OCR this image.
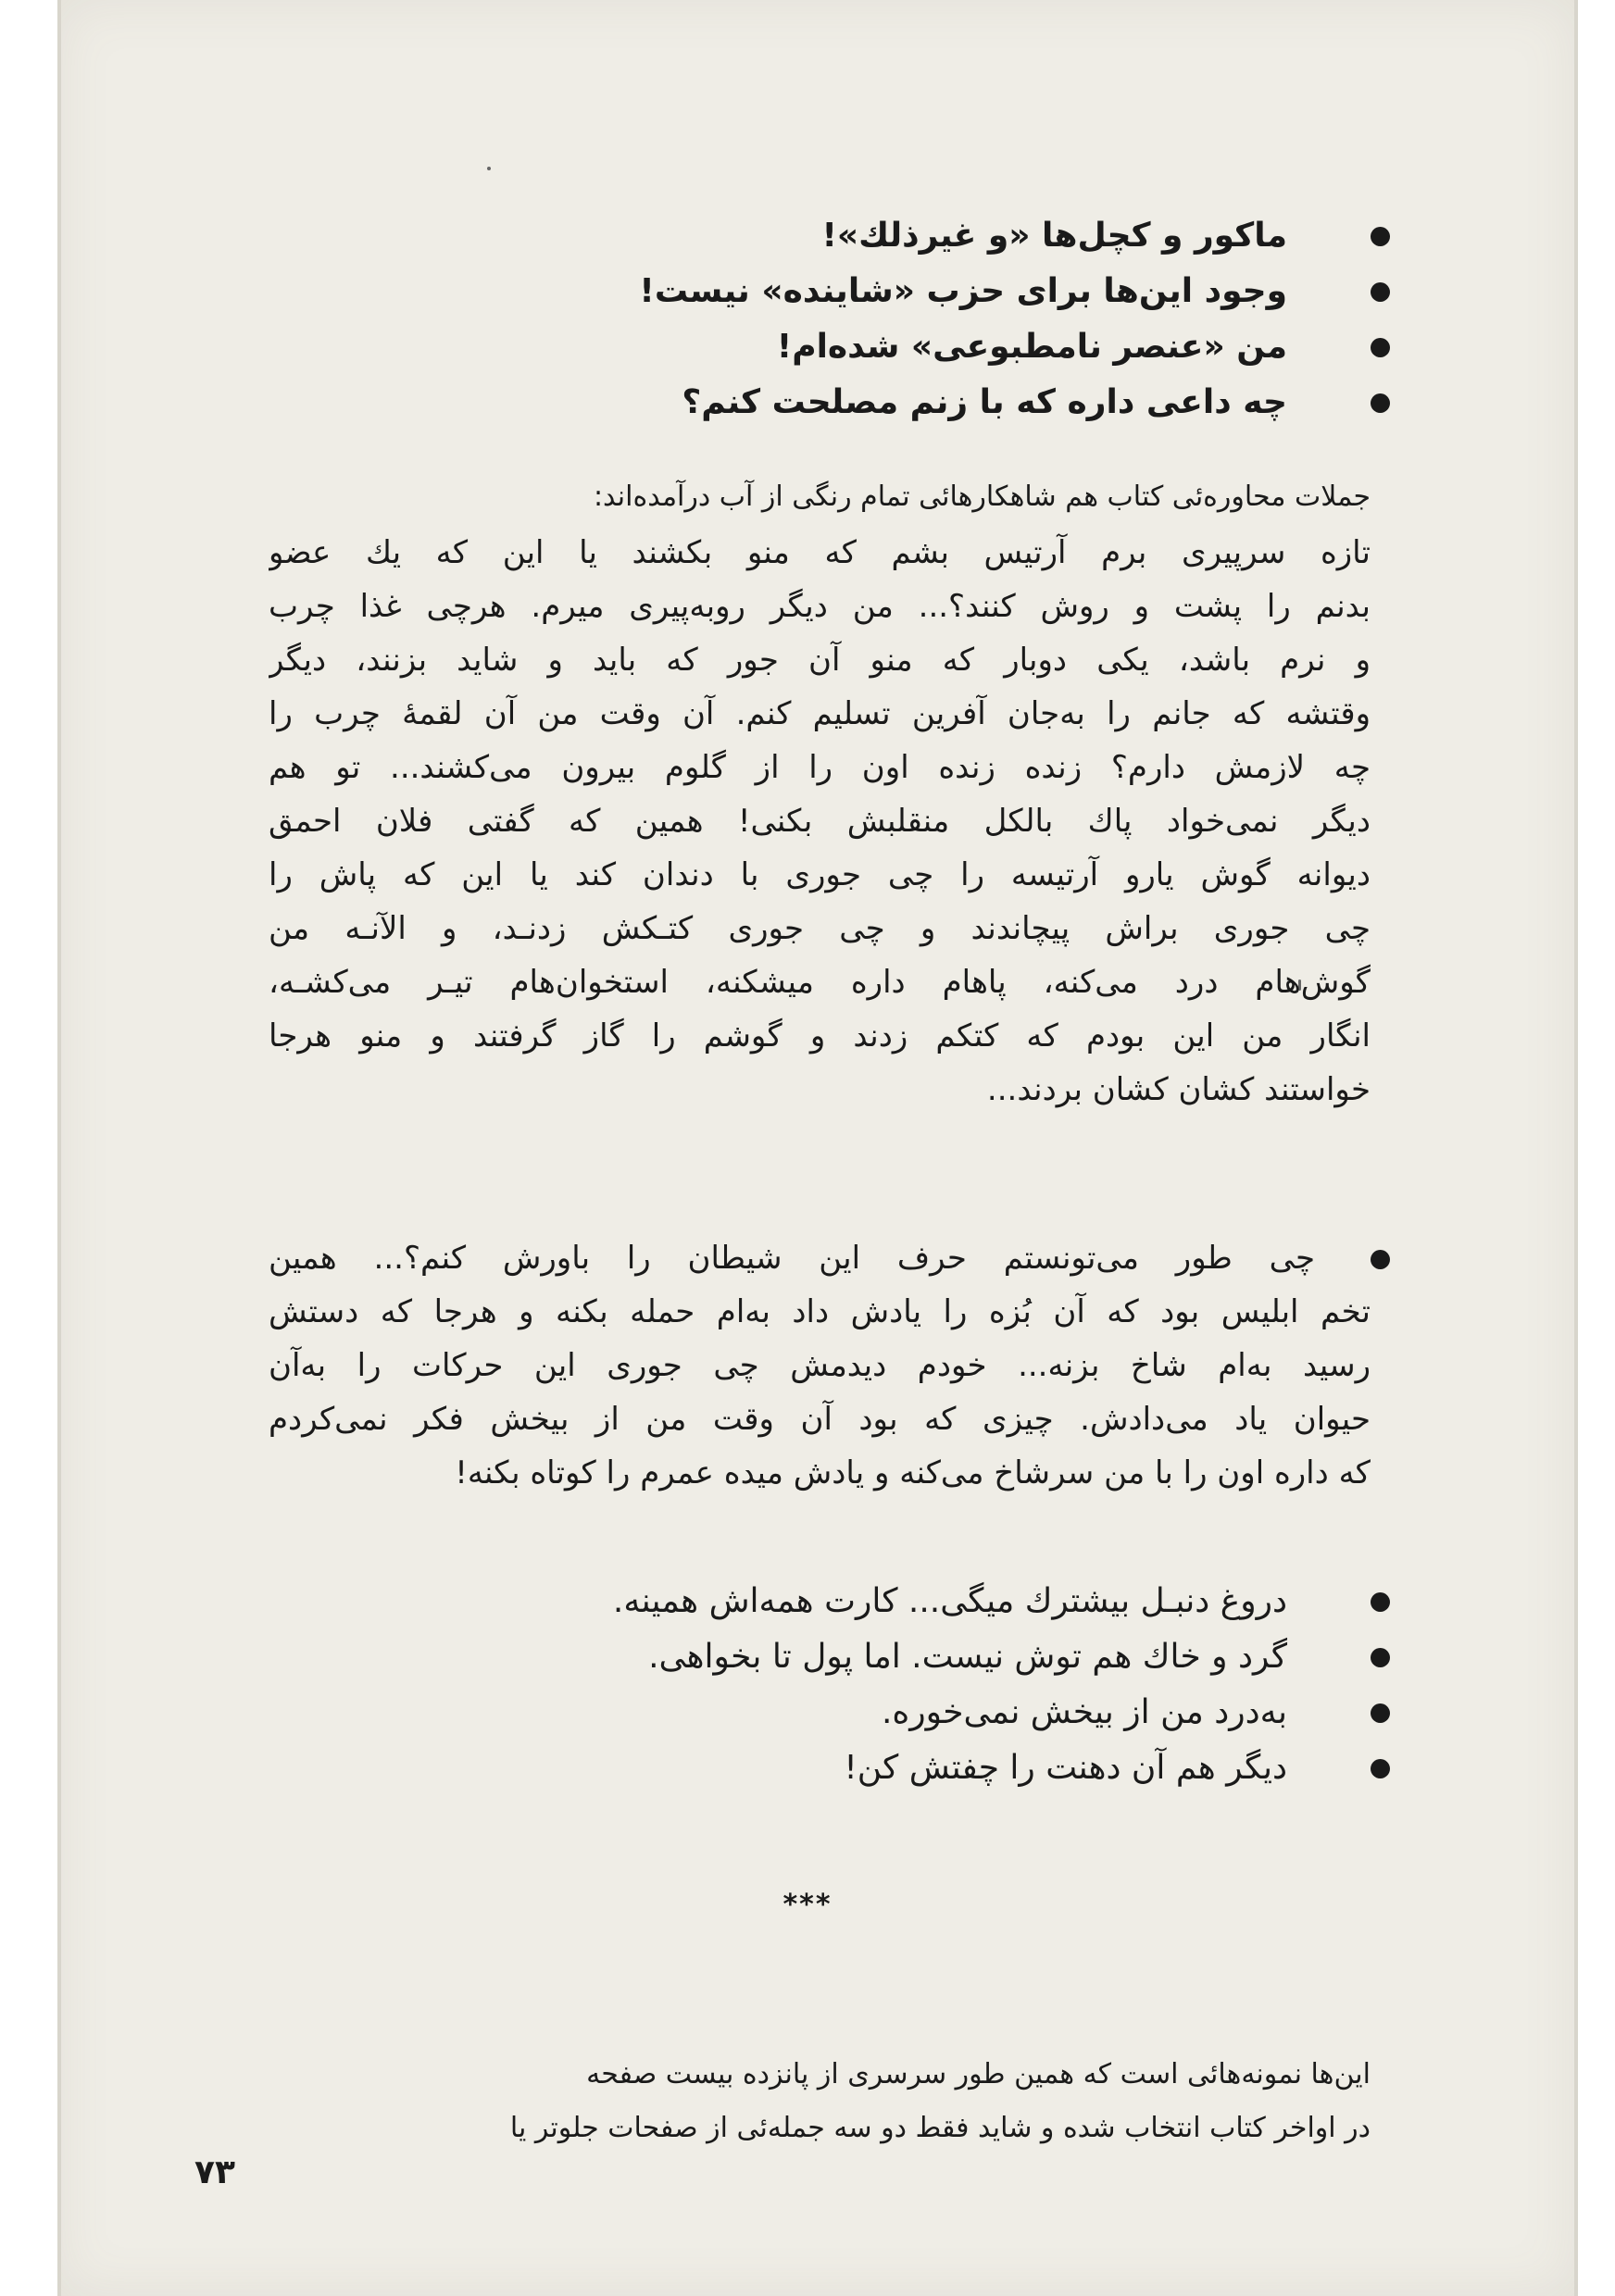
ماکور و کچل‌ها «و غیرذلك»!
وجود این‌ها برای حزب «شاینده» نیست!
من «عنصر نامطبوعی» شده‌ام!
چه داعی داره که با زنم مصلحت کنم؟
جملات محاوره‌ئی کتاب هم شاهکارهائی تمام رنگی از آب درآمده‌اند:
تازه سرپیری برم آرتیس بشم که منو بکشند یا این که یك عضو
بدنم را پشت و روش کنند؟... من دیگر روبه‌پیری میرم. هرچی غذا چرب
و نرم باشد، یکی دوبار که منو آن جور که باید و شاید بزنند، دیگر
وقتشه که جانم را به‌جان آفرین تسلیم کنم. آن وقت من آن لقمهٔ چرب را
چه لازمش دارم؟ زنده زنده اون را از گلوم بیرون می‌کشند... تو هم
دیگر نمی‌خواد پاك بالکل منقلبش بکنی! همین که گفتی فلان احمق
دیوانه گوش یارو آرتیسه را چی جوری با دندان کند یا این که پاش را
چی جوری براش پیچاندند و چی جوری کتـکش زدنـد، و الآنـه من
گوش‌هام درد می‌کنه، پاهام داره میشکنه، استخوان‌هام تیـر می‌کشـه،
انگار من این بودم که کتکم زدند و گوشم را گاز گرفتند و منو هرجا
خواستند کشان کشان بردند...
چی طور می‌تونستم حرف این شیطان را باورش کنم؟... همین
تخم ابلیس بود که آن بُزه را یادش داد به‌ام حمله بکنه و هرجا که دستش
رسید به‌ام شاخ بزنه... خودم دیدمش چی جوری این حرکات را به‌آن
حیوان یاد می‌دادش. چیزی که بود آن وقت من از بیخش فکر نمی‌کردم
که داره اون را با من سرشاخ می‌کنه و یادش میده عمرم را کوتاه بکنه!
دروغ دنبـل بیشترك میگی... کارت همه‌اش همینه.
گرد و خاك هم توش نیست. اما پول تا بخواهی.
به‌درد من از بیخش نمی‌خوره.
دیگر هم آن دهنت را چفتش کن!
***
این‌ها نمونه‌هائی است که همین طور سرسری از پانزده بیست صفحه
در اواخر کتاب انتخاب شده و شاید فقط دو سه جمله‌ئی از صفحات جلوتر یا
۷۳
